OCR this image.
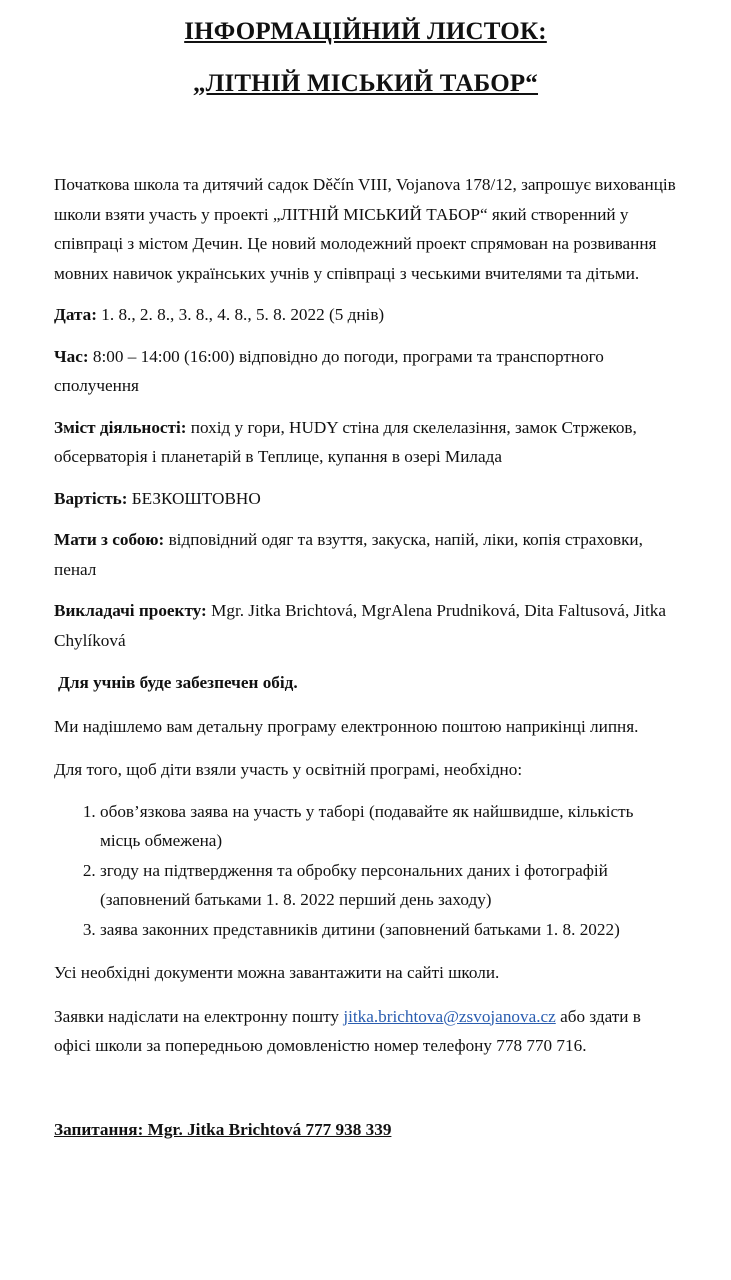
ІНФОРМАЦІЙНИЙ ЛИСТОК:
„ЛІТНІЙ МІСЬКИЙ ТАБОР“

Початкова школа та дитячий садок Děčín VIII, Vojanova 178/12, запрошує вихованців школи взяти участь у проекті „ЛІТНІЙ МІСЬКИЙ ТАБОР“ який створенний у співпраці з містом Дечин. Це новий молодежний проект спрямован на розвивання мовних навичок українських учнів у співпраці з чеськими вчителями та дітьми.

Дата: 1. 8., 2. 8., 3. 8., 4. 8., 5. 8. 2022 (5 днів)

Час: 8:00 – 14:00 (16:00) відповідно до погоди, програми та транспортного сполучення

Зміст діяльності: похід у гори, HUDY стіна для скелелазіння, замок Стржеков, обсерваторія і планетарій в Теплице, купання в озері Милада

Вартість: БЕЗКОШТОВНО

Мати з собою: відповідний одяг та взуття, закуска, напій, ліки, копія страховки, пенал

Викладачі проекту: Mgr. Jitka Brichtová, MgrAlena Prudniková, Dita Faltusová, Jitka Chylíková

Для учнів буде забезпечен обід.

Ми надішлемо вам детальну програму електронною поштою наприкінці липня.

Для того, щоб діти взяли участь у освітній програмі, необхідно:

1. обов’язкова заява на участь у таборі (подавайте як найшвидше, кількість місць обмежена)
2. згоду на підтвердження та обробку персональних даних і фотографій (заповнений батьками 1. 8. 2022 перший день заходу)
3. заява законних представників дитини (заповнений батьками 1. 8. 2022)

Усі необхідні документи можна завантажити на сайті школи.

Заявки надіслати на електронну пошту jitka.brichtova@zsvojanova.cz або здати в офісі школи за попередньою домовленістю номер телефону 778 770 716.

Запитання: Mgr. Jitka Brichtová 777 938 339
